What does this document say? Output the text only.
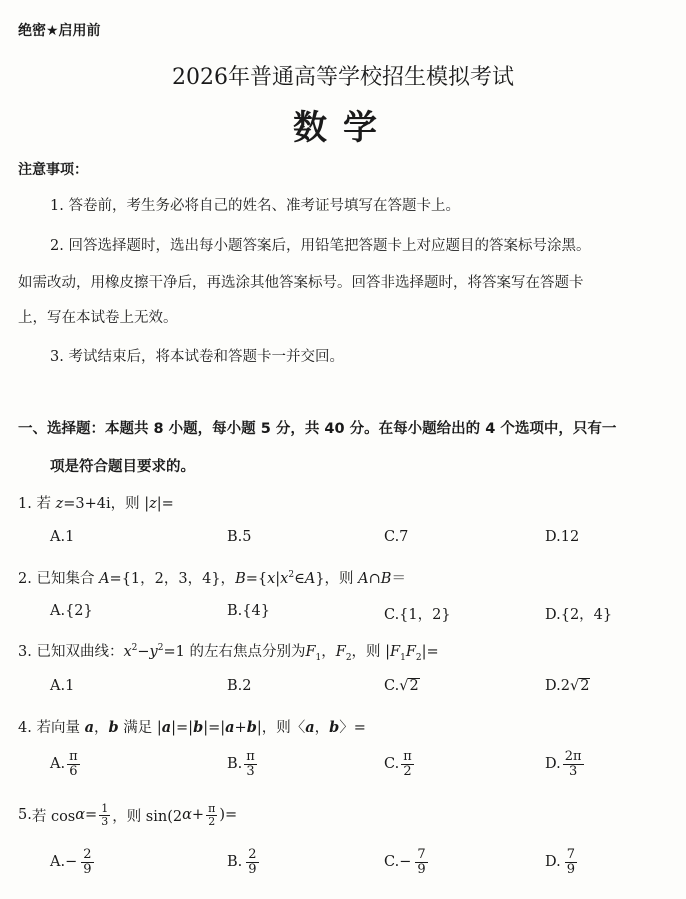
绝密★启用前
2026年普通高等学校招生模拟考试
数学
注意事项：
1. 答卷前，考生务必将自己的姓名、准考证号填写在答题卡上。
2. 回答选择题时，选出每小题答案后，用铅笔把答题卡上对应题目的答案标号涂黑。
如需改动，用橡皮擦干净后，再选涂其他答案标号。回答非选择题时，将答案写在答题卡
上，写在本试卷上无效。
3. 考试结束后，将本试卷和答题卡一并交回。
一、选择题：本题共 8 小题，每小题 5 分，共 40 分。在每小题给出的 4 个选项中，只有一
项是符合题目要求的。
1. 若 z=3+4i，则 |z|=
A.1	B.5	C.7	D.12
2. 已知集合 A={1，2，3，4}，$B=\{x|x^2\in A\}$，则 A∩B＝
A.{2}	B.{4}	C.{1，2}	D.{2，4}
3. 已知双曲线：$x^2-y^2=1$ 的左右焦点分别为$F_1$，$F_2$，则 $|F_1F_2|=$
A.1	B.2	C. √ 2	D.2 √ 2
4. 若向量 a，b 满足 |a|=|b|=|a+b|，则〈a，b〉=
A. $\frac{\pi}{6}$	B. $\frac{\pi}{3}$	C. $\frac{\pi}{2}$	D. $\frac{2\pi}{3}$
5. 若 $\cos \alpha = \frac{1}{3}$ ，则 sin(2 $\alpha + \frac{\pi}{2}$ )=
A. − $\frac{2}{9}$	B. $\frac{2}{9}$	C. − $\frac{7}{9}$	D. $\frac{7}{9}$
